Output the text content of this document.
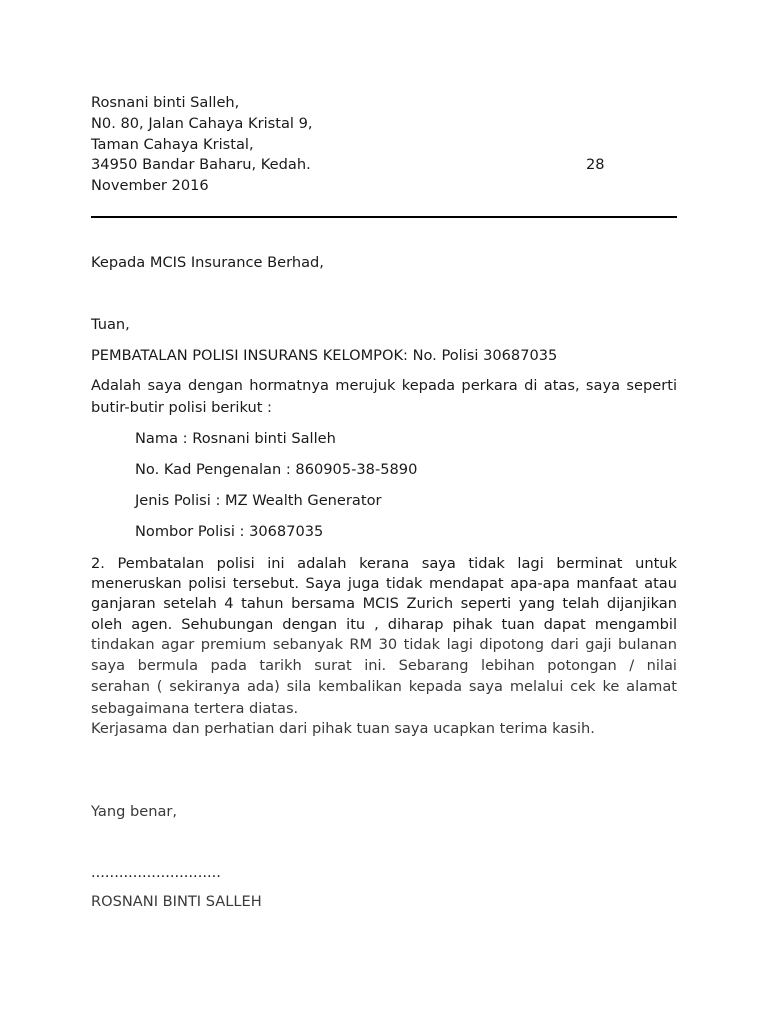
Rosnani binti Salleh,
N0. 80, Jalan Cahaya Kristal 9,
Taman Cahaya Kristal,
34950 Bandar Baharu, Kedah.	28
November 2016
Kepada MCIS Insurance Berhad,
Tuan,
PEMBATALAN POLISI INSURANS KELOMPOK: No. Polisi 30687035
Adalah saya dengan hormatnya merujuk kepada perkara di atas, saya seperti
butir-butir polisi berikut :
Nama : Rosnani binti Salleh
No. Kad Pengenalan : 860905-38-5890
Jenis Polisi : MZ Wealth Generator
Nombor Polisi : 30687035
2. Pembatalan polisi ini adalah kerana saya tidak lagi berminat untuk
meneruskan polisi tersebut. Saya juga tidak mendapat apa-apa manfaat atau
ganjaran setelah 4 tahun bersama MCIS Zurich seperti yang telah dijanjikan
oleh agen. Sehubungan dengan itu , diharap pihak tuan dapat mengambil
tindakan agar premium sebanyak RM 30 tidak lagi dipotong dari gaji bulanan
saya bermula pada tarikh surat ini. Sebarang lebihan potongan / nilai
serahan ( sekiranya ada) sila kembalikan kepada saya melalui cek ke alamat
sebagaimana tertera diatas.
Kerjasama dan perhatian dari pihak tuan saya ucapkan terima kasih.
Yang benar,
............................
ROSNANI BINTI SALLEH
